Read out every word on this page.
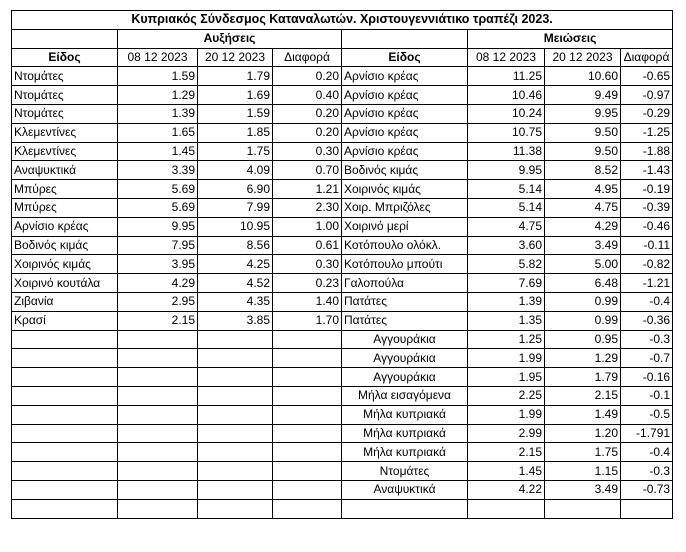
Κυπριακός Σύνδεσμος Καταναλωτών. Χριστουγεννιάτικο τραπέζι 2023.							
	Αυξήσεις				Μειώσεις		
Είδος	08 12 2023	20 12 2023	Διαφορά	Είδος	08 12 2023	20 12 2023	Διαφορά
Ντομάτες	1.59	1.79	0.20	Αρνίσιο κρέας	11.25	10.60	-0.65
Ντομάτες	1.29	1.69	0.40	Αρνίσιο κρέας	10.46	9.49	-0.97
Ντομάτες	1.39	1.59	0.20	Αρνίσιο κρέας	10.24	9.95	-0.29
Κλεμεντίνες	1.65	1.85	0.20	Αρνίσιο κρέας	10.75	9.50	-1.25
Κλεμεντίνες	1.45	1.75	0.30	Αρνίσιο κρέας	11.38	9.50	-1.88
Αναψυκτικά	3.39	4.09	0.70	Βοδινός κιμάς	9.95	8.52	-1.43
Μπύρες	5.69	6.90	1.21	Χοιρινός κιμάς	5.14	4.95	-0.19
Μπύρες	5.69	7.99	2.30	Χοιρ. Μπριζόλες	5.14	4.75	-0.39
Αρνίσιο κρέας	9.95	10.95	1.00	Χοιρινό μερί	4.75	4.29	-0.46
Βοδινός κιμάς	7.95	8.56	0.61	Κοτόπουλο ολόκλ.	3.60	3.49	-0.11
Χοιρινός κιμάς	3.95	4.25	0.30	Κοτόπουλο μπούτι	5.82	5.00	-0.82
Χοιρινό κουτάλα	4.29	4.52	0.23	Γαλοπούλα	7.69	6.48	-1.21
Ζιβανία	2.95	4.35	1.40	Πατάτες	1.39	0.99	-0.4
Κρασί	2.15	3.85	1.70	Πατάτες	1.35	0.99	-0.36
				Αγγουράκια	1.25	0.95	-0.3
				Αγγουράκια	1.99	1.29	-0.7
				Αγγουράκια	1.95	1.79	-0.16
				Μήλα εισαγόμενα	2.25	2.15	-0.1
				Μήλα κυπριακά	1.99	1.49	-0.5
				Μήλα κυπριακά	2.99	1.20	-1.791
				Μήλα κυπριακά	2.15	1.75	-0.4
				Ντομάτες	1.45	1.15	-0.3
				Αναψυκτικά	4.22	3.49	-0.73
